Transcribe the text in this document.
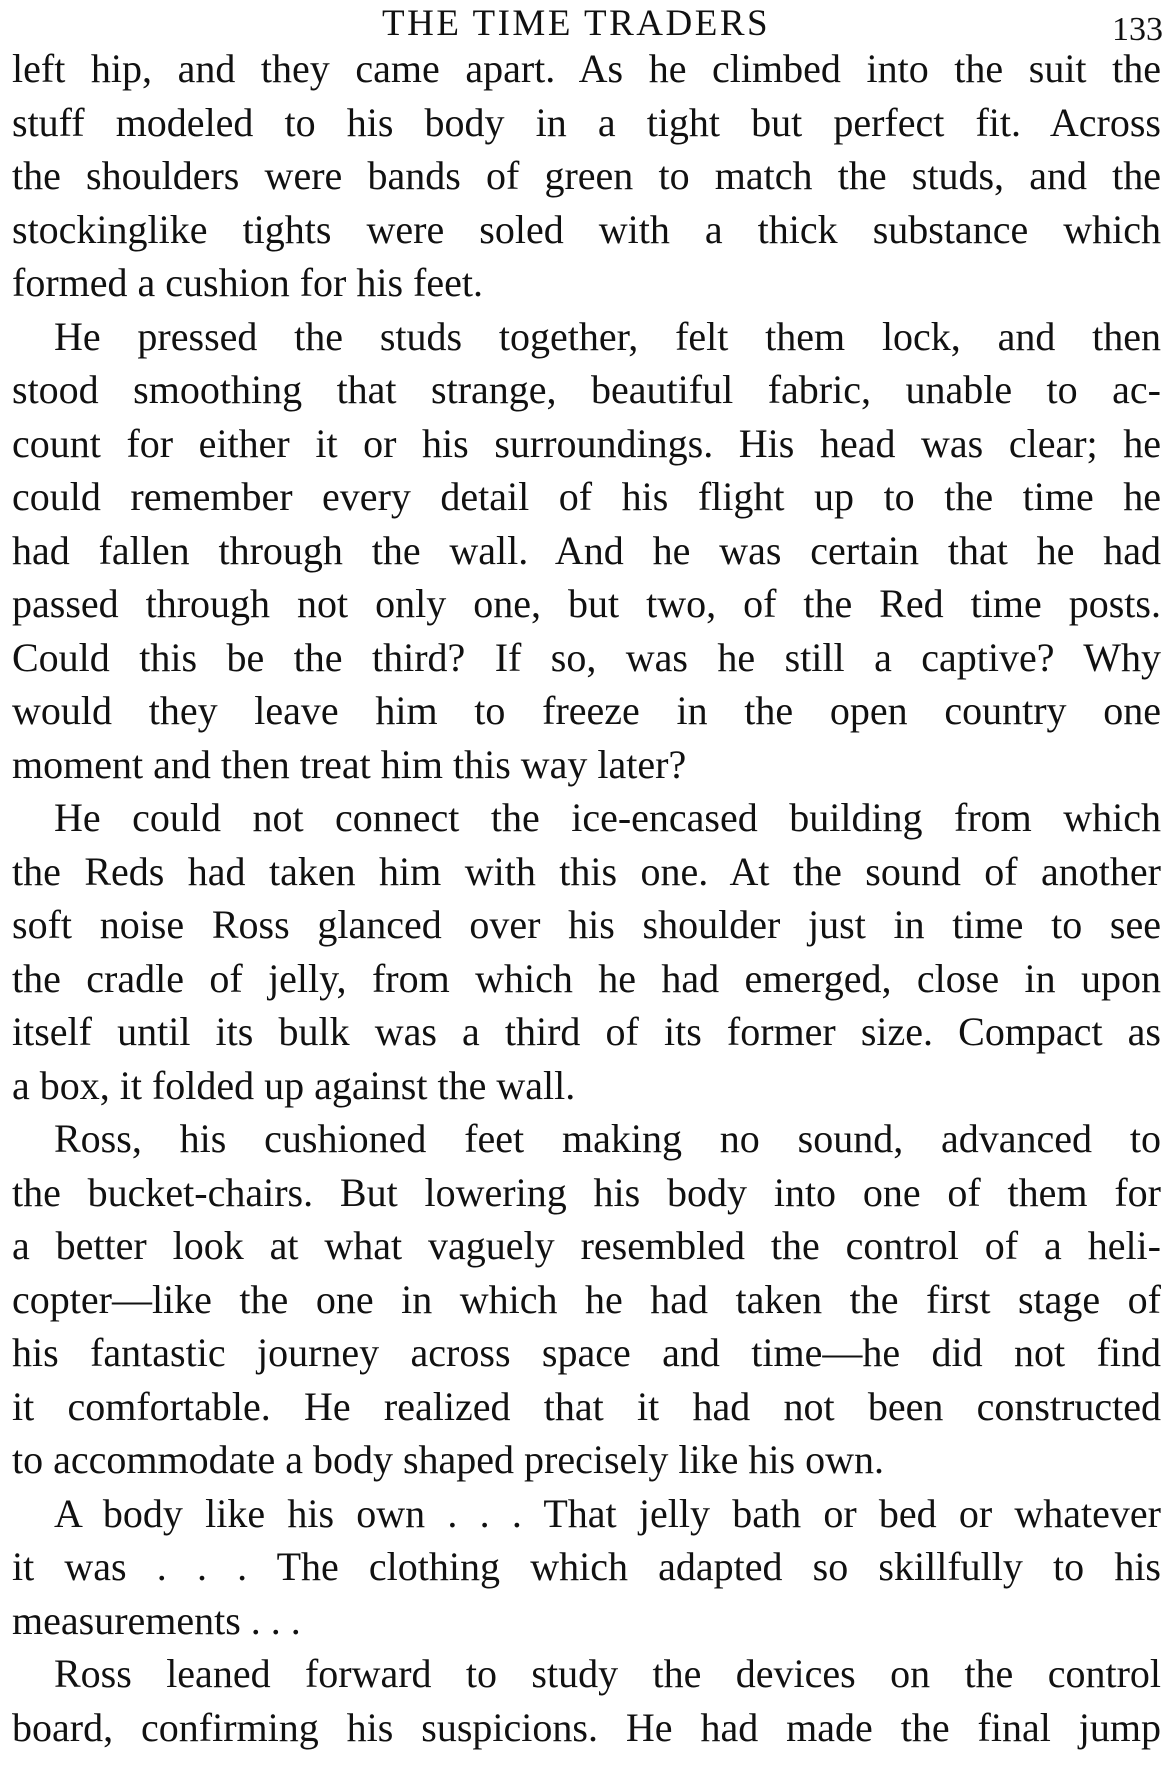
THE TIME TRADERS	133
left hip, and they came apart. As he climbed into the suit the
stuff modeled to his body in a tight but perfect fit. Across
the shoulders were bands of green to match the studs, and the
stockinglike tights were soled with a thick substance which
formed a cushion for his feet.
He pressed the studs together, felt them lock, and then
stood smoothing that strange, beautiful fabric, unable to ac-
count for either it or his surroundings. His head was clear; he
could remember every detail of his flight up to the time he
had fallen through the wall. And he was certain that he had
passed through not only one, but two, of the Red time posts.
Could this be the third? If so, was he still a captive? Why
would they leave him to freeze in the open country one
moment and then treat him this way later?
He could not connect the ice-encased building from which
the Reds had taken him with this one. At the sound of another
soft noise Ross glanced over his shoulder just in time to see
the cradle of jelly, from which he had emerged, close in upon
itself until its bulk was a third of its former size. Compact as
a box, it folded up against the wall.
Ross, his cushioned feet making no sound, advanced to
the bucket-chairs. But lowering his body into one of them for
a better look at what vaguely resembled the control of a heli-
copter—like the one in which he had taken the first stage of
his fantastic journey across space and time—he did not find
it comfortable. He realized that it had not been constructed
to accommodate a body shaped precisely like his own.
A body like his own . . . That jelly bath or bed or whatever
it was . . . The clothing which adapted so skillfully to his
measurements . . .
Ross leaned forward to study the devices on the control
board, confirming his suspicions. He had made the final jump
